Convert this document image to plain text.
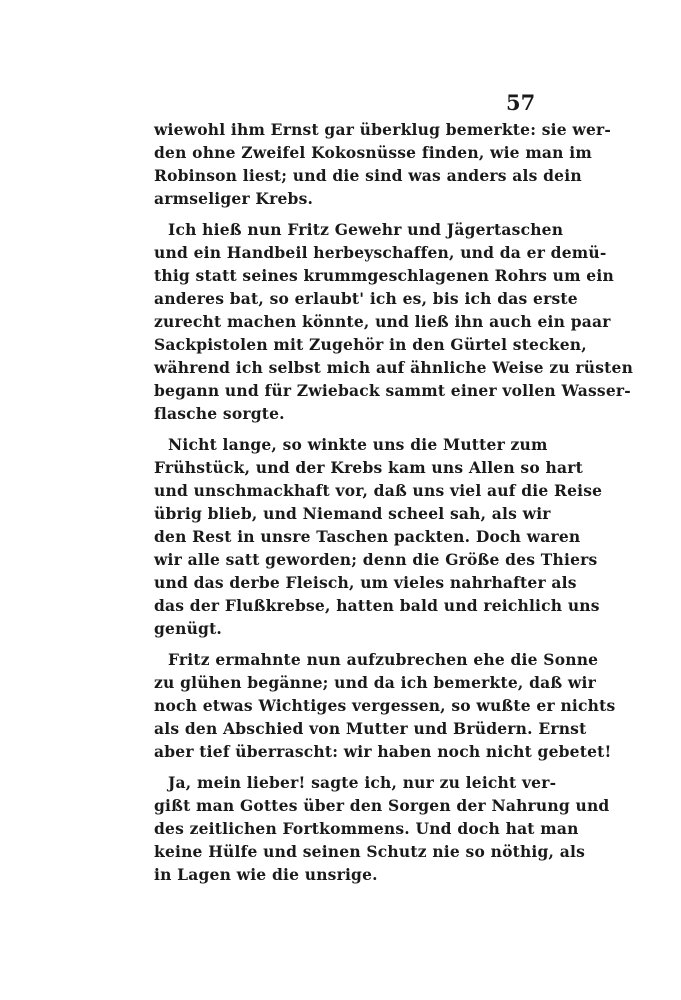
57
wiewohl ihm Ernst gar überklug bemerkte: sie wer-
den ohne Zweifel Kokosnüsse finden, wie man im
Robinson liest; und die sind was anders als dein
armseliger Krebs.
Ich hieß nun Fritz Gewehr und Jägertaschen
und ein Handbeil herbeyschaffen, und da er demü-
thig statt seines krummgeschlagenen Rohrs um ein
anderes bat, so erlaubt' ich es, bis ich das erste
zurecht machen könnte, und ließ ihn auch ein paar
Sackpistolen mit Zugehör in den Gürtel stecken,
während ich selbst mich auf ähnliche Weise zu rüsten
begann und für Zwieback sammt einer vollen Wasser-
flasche sorgte.
Nicht lange, so winkte uns die Mutter zum
Frühstück, und der Krebs kam uns Allen so hart
und unschmackhaft vor, daß uns viel auf die Reise
übrig blieb, und Niemand scheel sah, als wir
den Rest in unsre Taschen packten. Doch waren
wir alle satt geworden; denn die Größe des Thiers
und das derbe Fleisch, um vieles nahrhafter als
das der Flußkrebse, hatten bald und reichlich uns
genügt.
Fritz ermahnte nun aufzubrechen ehe die Sonne
zu glühen begänne; und da ich bemerkte, daß wir
noch etwas Wichtiges vergessen, so wußte er nichts
als den Abschied von Mutter und Brüdern. Ernst
aber tief überrascht: wir haben noch nicht gebetet!
Ja, mein lieber! sagte ich, nur zu leicht ver-
gißt man Gottes über den Sorgen der Nahrung und
des zeitlichen Fortkommens. Und doch hat man
keine Hülfe und seinen Schutz nie so nöthig, als
in Lagen wie die unsrige.
